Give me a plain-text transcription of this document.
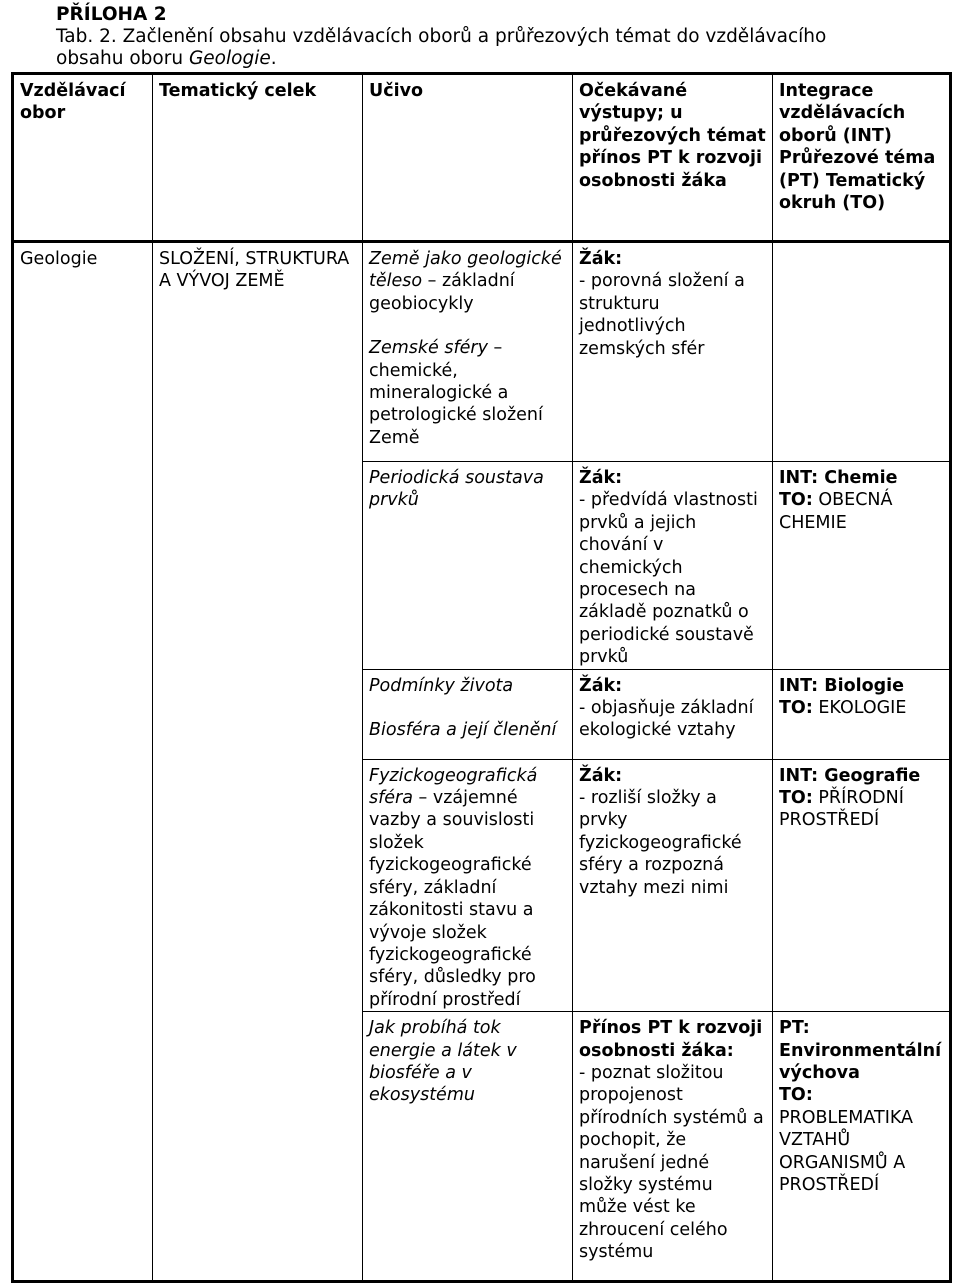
PŘÍLOHA 2
Tab. 2. Začlenění obsahu vzdělávacích oborů a průřezových témat do vzdělávacího
obsahu oboru Geologie.
Vzdělávací obor	Tematický celek	Učivo	Očekávané výstupy; u průřezových témat přínos PT k rozvoji osobnosti žáka	Integrace vzdělávacích oborů (INT) Průřezové téma (PT) Tematický okruh (TO)
Geologie	SLOŽENÍ, STRUKTURA A VÝVOJ ZEMĚ	Země jako geologické těleso – základní geobiocykly
Zemské sféry – chemické, mineralogické a petrologické složení Země	Žák:
- porovná složení a strukturu jednotlivých zemských sfér	
		Periodická soustava prvků	Žák:
- předvídá vlastnosti prvků a jejich chování v chemických procesech na základě poznatků o periodické soustavě prvků	INT: Chemie
TO: OBECNÁ CHEMIE

		Podmínky života
Biosféra a její členění	Žák:
- objasňuje základní ekologické vztahy	INT: Biologie
TO: EKOLOGIE

		Fyzickogeografická sféra – vzájemné vazby a souvislosti složek fyzickogeografické sféry, základní zákonitosti stavu a vývoje složek fyzickogeografické sféry, důsledky pro přírodní prostředí	Žák:
- rozliší složky a prvky fyzickogeografické sféry a rozpozná vztahy mezi nimi	INT: Geografie
TO: PŘÍRODNÍ PROSTŘEDÍ

		Jak probíhá tok energie a látek v biosféře a v ekosystému	Přínos PT k rozvoji osobnosti žáka:
- poznat složitou propojenost přírodních systémů a pochopit, že narušení jedné složky systému může vést ke zhroucení celého systému	PT: Environmentální výchova
TO: PROBLEMATIKA VZTAHŮ ORGANISMŮ A PROSTŘEDÍ
